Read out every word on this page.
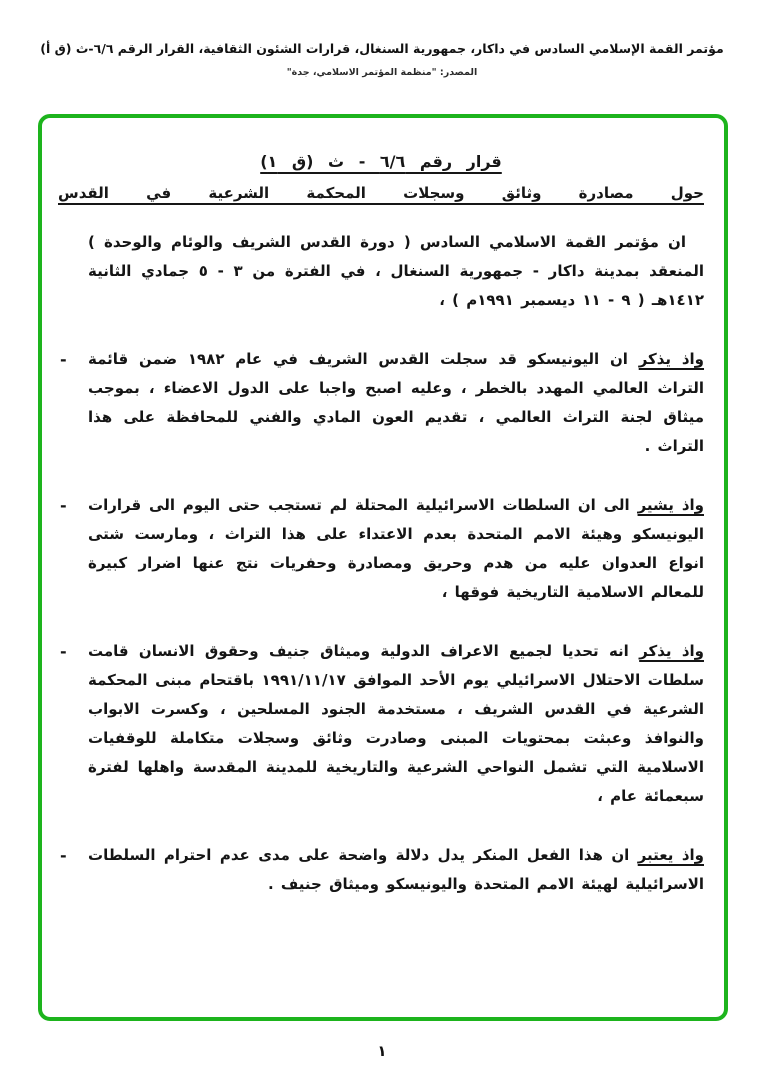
مؤتمر القمة الإسلامي السادس في داكار، جمهورية السنغال، قرارات الشئون الثقافية، القرار الرقم ٦/٦-ث (ق أ)
المصدر: "منظمة المؤتمر الاسلامي، جدة"
قرار رقم ٦/٦ - ث (ق ١)
حول مصادرة وثائق وسجلات المحكمة الشرعية في القدس
ان مؤتمر القمة الاسلامي السادس ( دورة القدس الشريف والوئام والوحدة ) المنعقد بمدينة داكار - جمهورية السنغال ، في الفترة من ٣ - ٥ جمادي الثانية ١٤١٢هـ ( ٩ - ١١ ديسمبر ١٩٩١م ) ،
-	واذ يذكر ان اليونيسكو قد سجلت القدس الشريف في عام ١٩٨٢ ضمن قائمة التراث العالمي المهدد بالخطر ، وعليه اصبح واجبا على الدول الاعضاء ، بموجب ميثاق لجنة التراث العالمي ، تقديم العون المادي والفني للمحافظة على هذا التراث .
-	واذ يشير الى ان السلطات الاسرائيلية المحتلة لم تستجب حتى اليوم الى قرارات اليونيسكو وهيئة الامم المتحدة بعدم الاعتداء على هذا التراث ، ومارست شتى انواع العدوان عليه من هدم وحريق ومصادرة وحفريات نتج عنها اضرار كبيرة للمعالم الاسلامية التاريخية فوقها ،
-	واذ يذكر انه تحديا لجميع الاعراف الدولية وميثاق جنيف وحقوق الانسان قامت سلطات الاحتلال الاسرائيلي يوم الأحد الموافق ١٩٩١/١١/١٧ باقتحام مبنى المحكمة الشرعية في القدس الشريف ، مستخدمة الجنود المسلحين ، وكسرت الابواب والنوافذ وعبثت بمحتويات المبنى وصادرت وثائق وسجلات متكاملة للوقفيات الاسلامية التي تشمل النواحي الشرعية والتاريخية للمدينة المقدسة واهلها لفترة سبعمائة عام ،
-	واذ يعتبر ان هذا الفعل المنكر يدل دلالة واضحة على مدى عدم احترام السلطات الاسرائيلية لهيئة الامم المتحدة واليونيسكو وميثاق جنيف .
١
